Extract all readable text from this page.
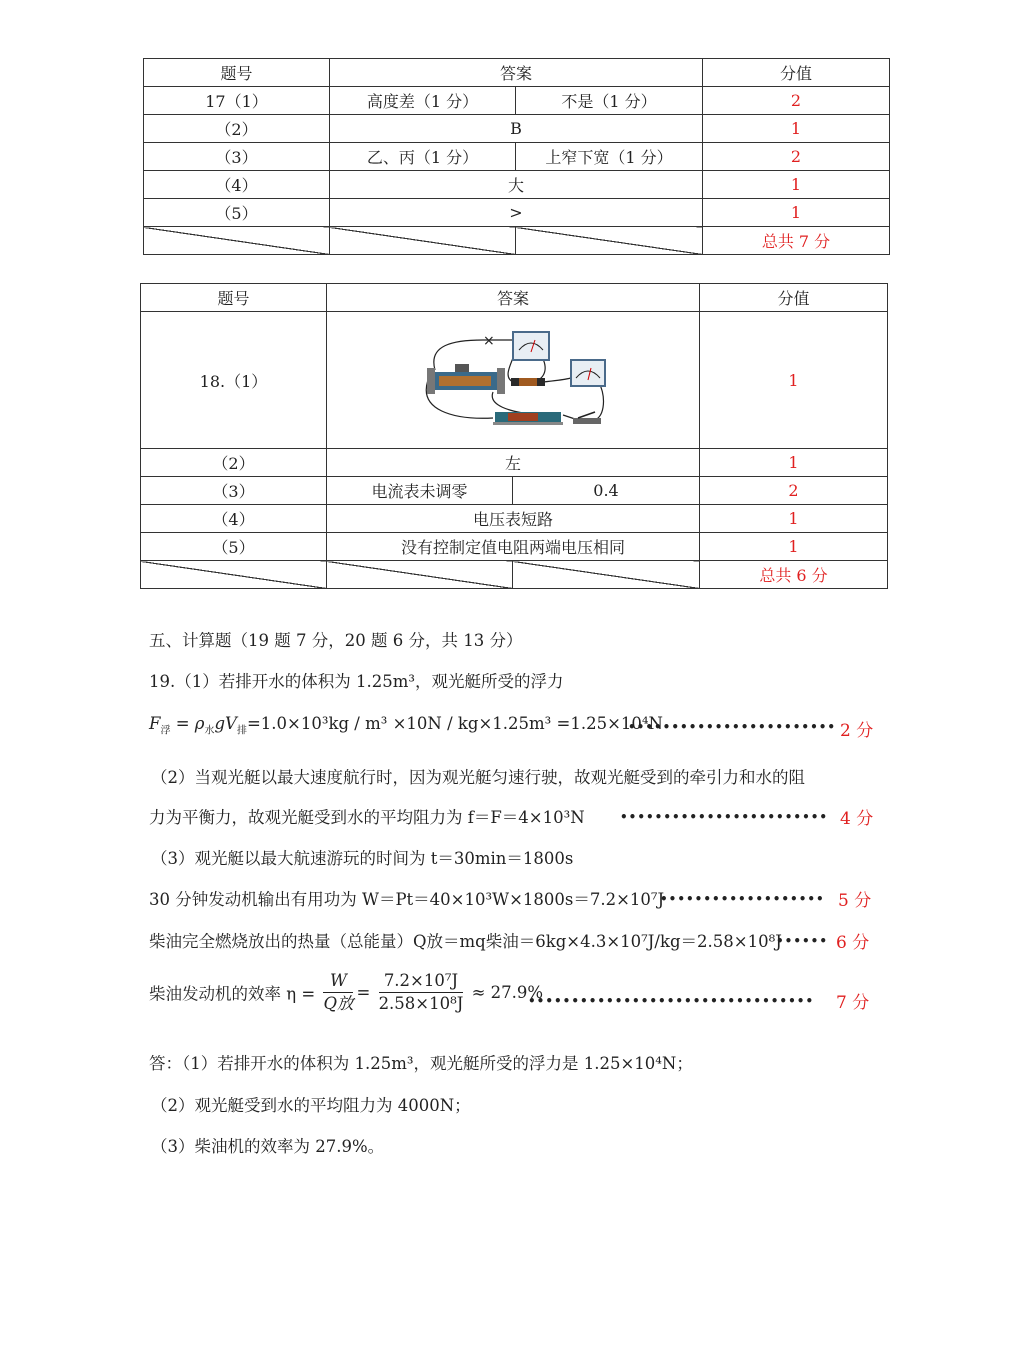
题号	答案		分值
17（1）	高度差（1 分）	不是（1 分）	2
（2）	B		1
（3）	乙、丙（1 分）	上窄下宽（1 分）	2
（4）	大		1
（5）	>		1
			总共 7 分
题号	答案		分值
18.（1）	×		1
（2）	左		1
（3）	电流表未调零	0.4	2
（4）	电压表短路		1
（5）	没有控制定值电阻两端电压相同		1
			总共 6 分
五、计算题（19 题 7 分，20 题 6 分，共 13 分）
19.（1）若排开水的体积为 1.25m³，观光艇所受的浮力
$F_浮 = \rho_水gV_排=1.0\times 10^3kg / m^3 \times 10N / kg\times 1.25m^3 =1.25\times 10^4N$
•••••••••••••••••••••••• 2 分
（2）当观光艇以最大速度航行时，因为观光艇匀速行驶，故观光艇受到的牵引力和水的阻
力为平衡力，故观光艇受到水的平均阻力为 f＝F＝4×10³N	•••••••••••••••••••••••• 4 分
（3）观光艇以最大航速游玩的时间为 t＝30min＝1800s
30 分钟发动机输出有用功为 W＝Pt＝40×10³W×1800s＝7.2×10⁷J
••••••••••••••••••• 5 分
柴油完全燃烧放出的热量（总能量）Q放＝mq柴油＝6kg×4.3×10⁷J/kg＝2.58×10⁸J
•••••• 6 分
柴油发动机的效率 $\eta = \frac{W}{\text{Q放}} = \frac{\text{7.2×10⁷J}}{\text{2.58×10⁸J}} \approx 27.9\%$
••••••••••••••••••••••••••••••••• 7 分
答：（1）若排开水的体积为 1.25m³，观光艇所受的浮力是 1.25×10⁴N；
（2）观光艇受到水的平均阻力为 4000N；
（3）柴油机的效率为 27.9%。
